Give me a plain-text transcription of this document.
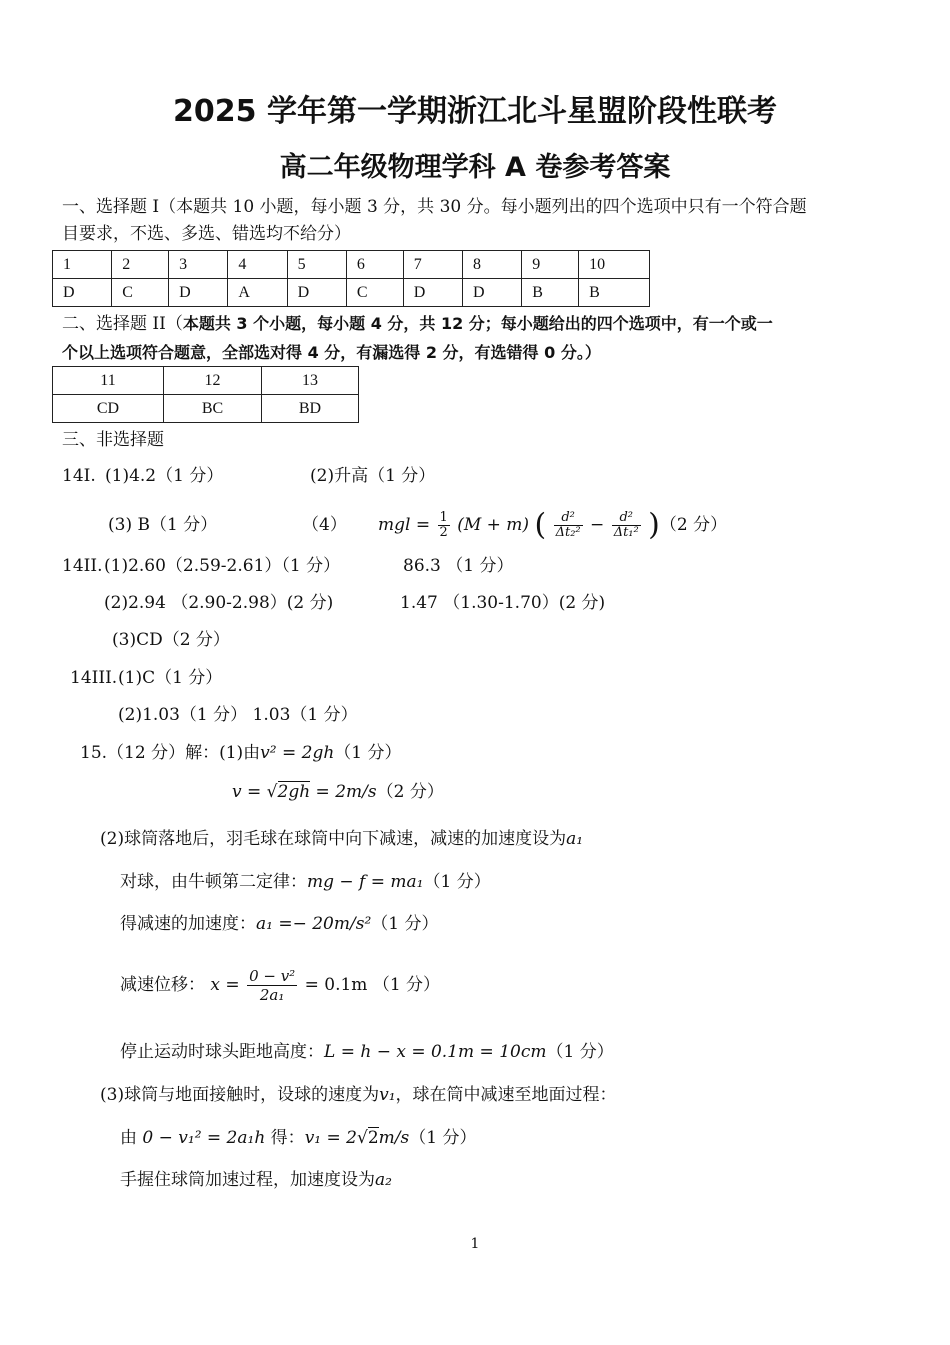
2025 学年第一学期浙江北斗星盟阶段性联考
高二年级物理学科 A 卷参考答案
一、选择题 I（本题共 10 小题，每小题 3 分，共 30 分。每小题列出的四个选项中只有一个符合题
目要求，不选、多选、错选均不给分）
1	2	3	4	5	6	7	8	9	10
D	C	D	A	D	C	D	D	B	B
二、选择题 II（本题共 3 个小题，每小题 4 分，共 12 分；每小题给出的四个选项中，有一个或一
个以上选项符合题意，全部选对得 4 分，有漏选得 2 分，有选错得 0 分。）
11	12	13
CD	BC	BD
三、非选择题
14I. (1)4.2（1 分）	(2)升高（1 分）
(3) B（1 分）	（4） mgl = $\frac{1}{2} (M + m)$ ( $\frac{\text{d²}}{\text{Δt₂²}} - \frac{\text{d²}}{\text{Δt₁²}} )(2$ 分）
14II. (1)2.60（2.59-2.61）（1 分）	86.3 （1 分）
(2)2.94 （2.90-2.98）(2 分)	1.47 （1.30-1.70）(2 分)
(3)CD（2 分）
14III. (1)C（1 分）
(2)1.03（1 分） 1.03（1 分）
15.（12 分）解：(1)由v² = 2gh（1 分）
v = √2gh = 2m/s（2 分）
(2)球筒落地后，羽毛球在球筒中向下减速，减速的加速度设为a₁
对球，由牛顿第二定律：mg − f = ma₁（1 分）
得减速的加速度：a₁ =− 20m/s²（1 分）
减速位移： $x = \frac{\text{0 − v²}}{\text{2a₁}} = 0.1m$ （1 分）
停止运动时球头距地高度：L = h − x = 0.1m = 10cm（1 分）
(3)球筒与地面接触时，设球的速度为v₁，球在筒中减速至地面过程：
由 0 − v₁² = 2a₁h 得：v₁ = 2√2m/s（1 分）
手握住球筒加速过程，加速度设为a₂
1
